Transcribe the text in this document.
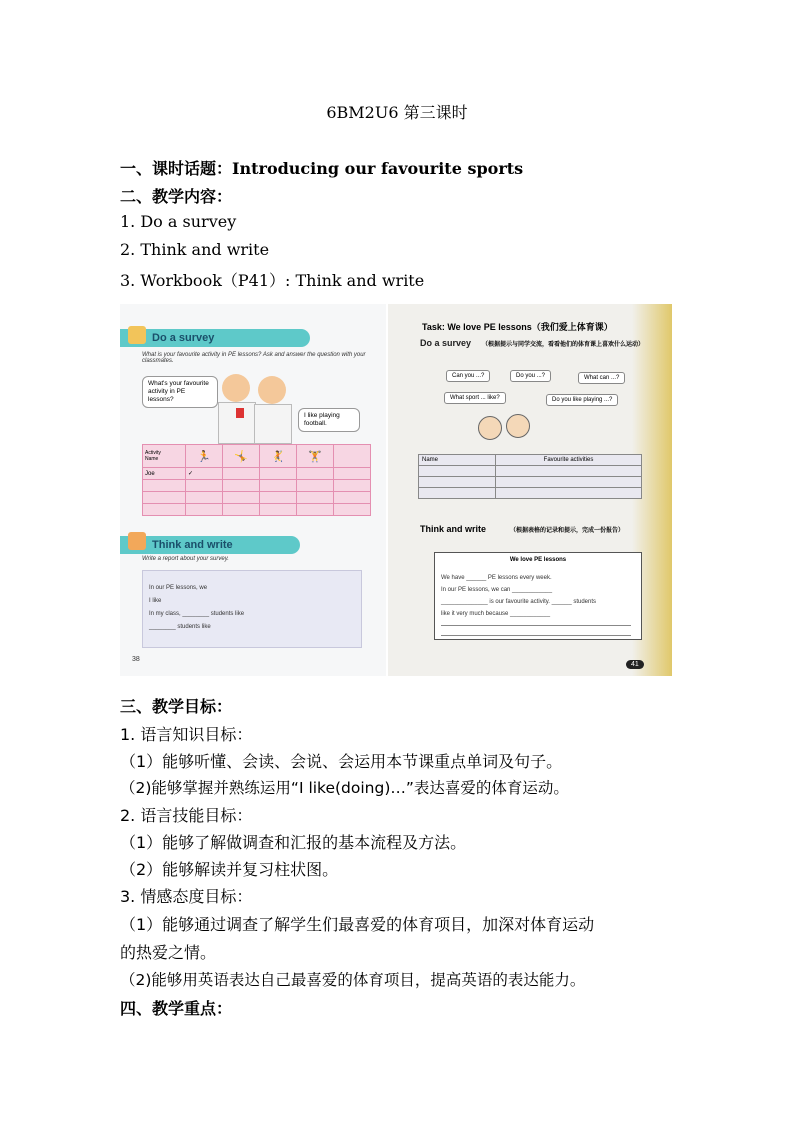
6BM2U6 第三课时
一、课时话题：Introducing our favourite sports
二、教学内容：
1. Do a survey
2. Think and write
3. Workbook（P41）: Think and write
Do a survey
What is your favourite activity in PE lessons? Ask and answer the question with your classmates.
What's your favourite activity in PE lessons?
I like playing football.
Activity
Name	🏃	🤸	🤾	🏋	
Joe	✓				

Think and write
Write a report about your survey.
In our PE lessons, we
I like
In my class, ________ students like
________ students like
38
Task: We love PE lessons（我们爱上体育课）
Do a survey （根据提示与同学交流，看看他们的体育课上喜欢什么运动）
Can you ...?	Do you ...?	What can ...?
What sport ... like?	Do you like playing ...?
Name	Favourite activities

Think and write	（根据表格的记录和提示，完成一份报告）
We love PE lessons
We have ______ PE lessons every week.
In our PE lessons, we can ____________
______________ is our favourite activity. ______ students
like it very much because ____________
41
三、教学目标：
1. 语言知识目标：
（1）能够听懂、会读、会说、会运用本节课重点单词及句子。
（2)能够掌握并熟练运用“I like(doing)…”表达喜爱的体育运动。
2. 语言技能目标：
（1）能够了解做调查和汇报的基本流程及方法。
（2）能够解读并复习柱状图。
3. 情感态度目标：
（1）能够通过调查了解学生们最喜爱的体育项目，加深对体育运动
的热爱之情。
（2)能够用英语表达自己最喜爱的体育项目，提高英语的表达能力。
四、教学重点：
